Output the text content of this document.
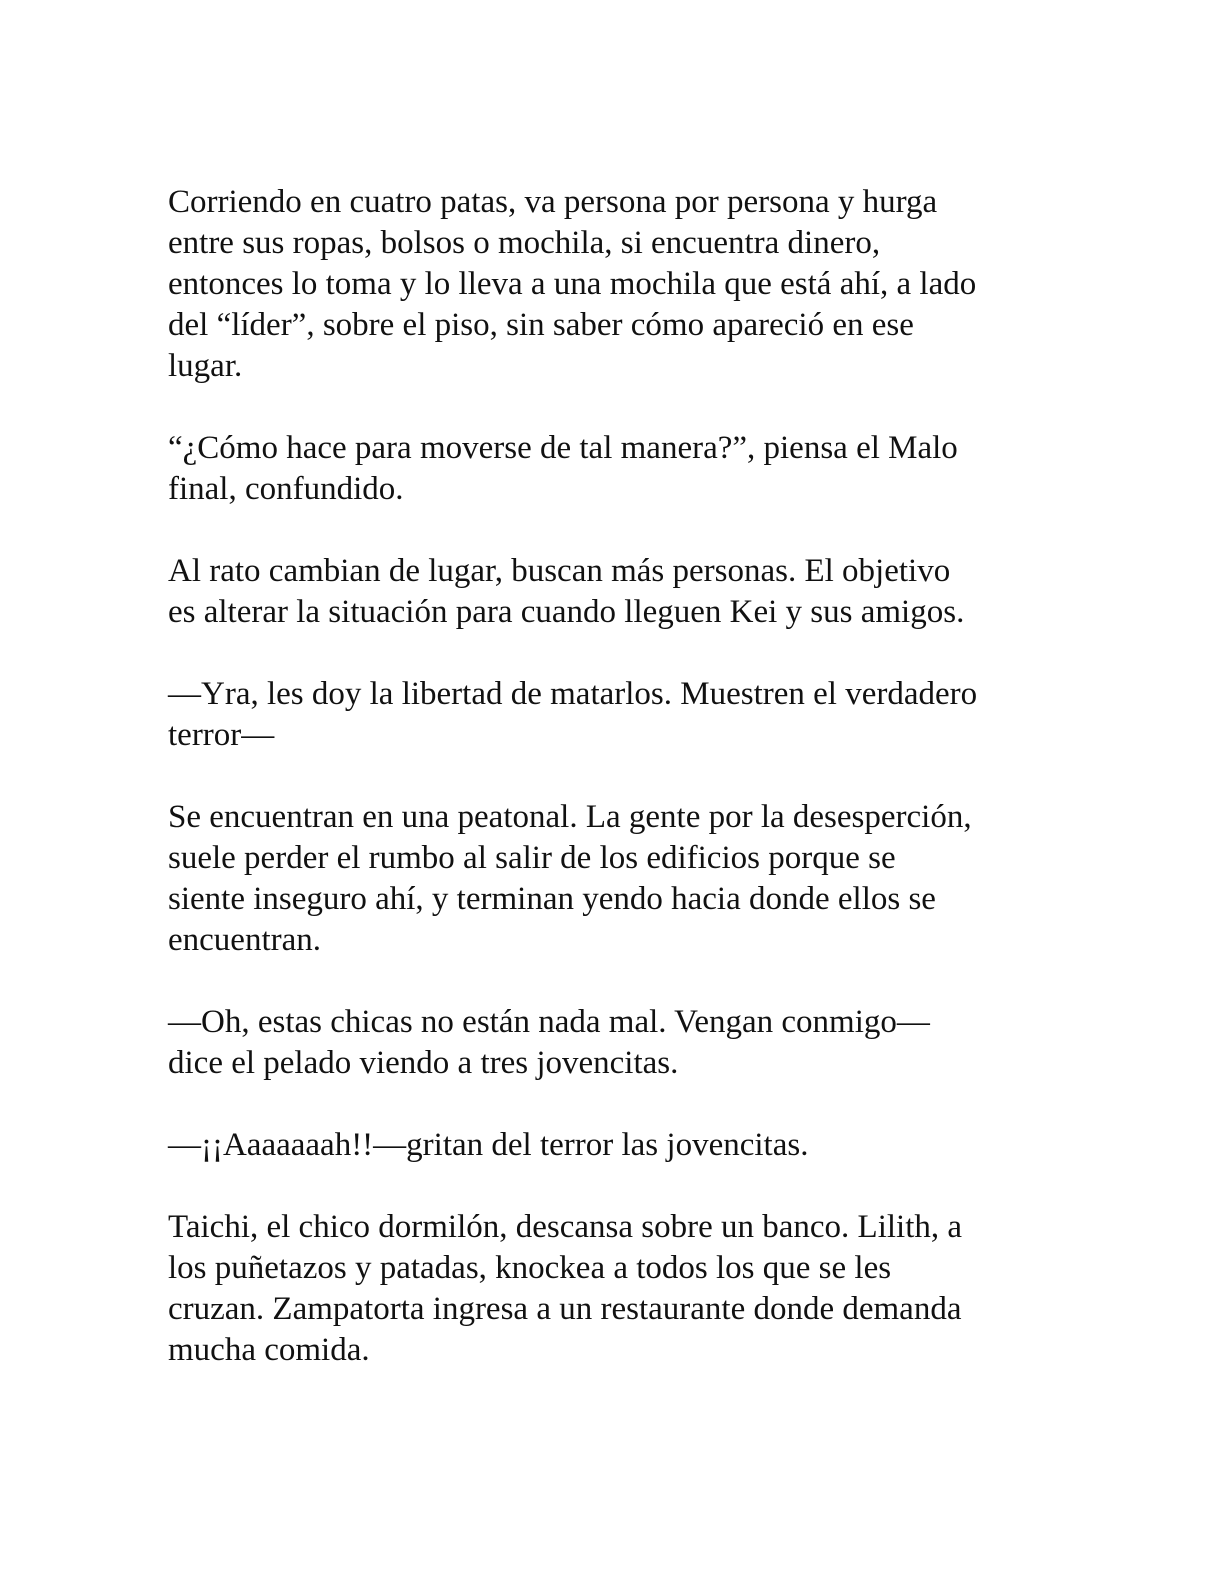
Corriendo en cuatro patas, va persona por persona y hurga
entre sus ropas, bolsos o mochila, si encuentra dinero,
entonces lo toma y lo lleva a una mochila que está ahí, a lado
del “líder”, sobre el piso, sin saber cómo apareció en ese
lugar.

“¿Cómo hace para moverse de tal manera?”, piensa el Malo
final, confundido.

Al rato cambian de lugar, buscan más personas. El objetivo
es alterar la situación para cuando lleguen Kei y sus amigos.

—Yra, les doy la libertad de matarlos. Muestren el verdadero
terror—

Se encuentran en una peatonal. La gente por la desesperción,
suele perder el rumbo al salir de los edificios porque se
siente inseguro ahí, y terminan yendo hacia donde ellos se
encuentran.

—Oh, estas chicas no están nada mal. Vengan conmigo—
dice el pelado viendo a tres jovencitas.

—¡¡Aaaaaaah!!—gritan del terror las jovencitas.

Taichi, el chico dormilón, descansa sobre un banco. Lilith, a
los puñetazos y patadas, knockea a todos los que se les
cruzan. Zampatorta ingresa a un restaurante donde demanda
mucha comida.
